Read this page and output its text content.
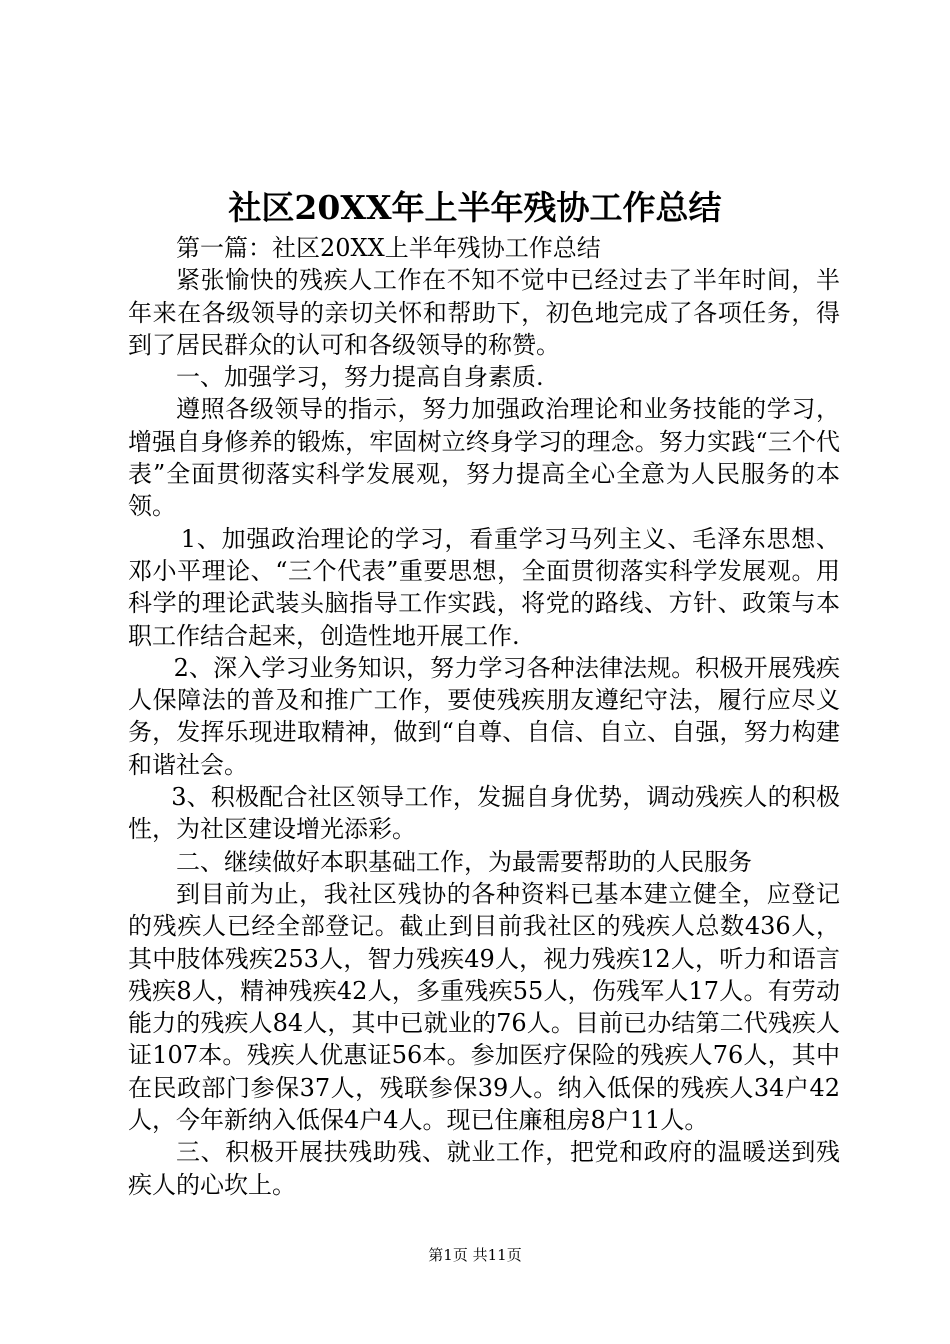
社区20XX年上半年残协工作总结

第一篇：社区20XX上半年残协工作总结

紧张愉快的残疾人工作在不知不觉中已经过去了半年时间，半年来在各级领导的亲切关怀和帮助下，初色地完成了各项任务，得到了居民群众的认可和各级领导的称赞。

一、加强学习，努力提高自身素质.

遵照各级领导的指示，努力加强政治理论和业务技能的学习，增强自身修养的锻炼，牢固树立终身学习的理念。努力实践“三个代表”全面贯彻落实科学发展观，努力提高全心全意为人民服务的本领。

1、加强政治理论的学习，看重学习马列主义、毛泽东思想、邓小平理论、“三个代表”重要思想，全面贯彻落实科学发展观。用科学的理论武装头脑指导工作实践，将党的路线、方针、政策与本职工作结合起来，创造性地开展工作.

2、深入学习业务知识，努力学习各种法律法规。积极开展残疾人保障法的普及和推广工作，要使残疾朋友遵纪守法，履行应尽义务，发挥乐现进取精神，做到“自尊、自信、自立、自强，努力构建和谐社会。

3、积极配合社区领导工作，发掘自身优势，调动残疾人的积极性，为社区建设增光添彩。

二、继续做好本职基础工作，为最需要帮助的人民服务

到目前为止，我社区残协的各种资料已基本建立健全，应登记的残疾人已经全部登记。截止到目前我社区的残疾人总数436人，其中肢体残疾253人，智力残疾49人，视力残疾12人，听力和语言残疾8人，精神残疾42人，多重残疾55人，伤残军人17人。有劳动能力的残疾人84人，其中已就业的76人。目前已办结第二代残疾人证107本。残疾人优惠证56本。参加医疗保险的残疾人76人，其中在民政部门参保37人，残联参保39人。纳入低保的残疾人34户42人，今年新纳入低保4户4人。现已住廉租房8户11人。

三、积极开展扶残助残、就业工作，把党和政府的温暖送到残疾人的心坎上。

第1页 共11页
